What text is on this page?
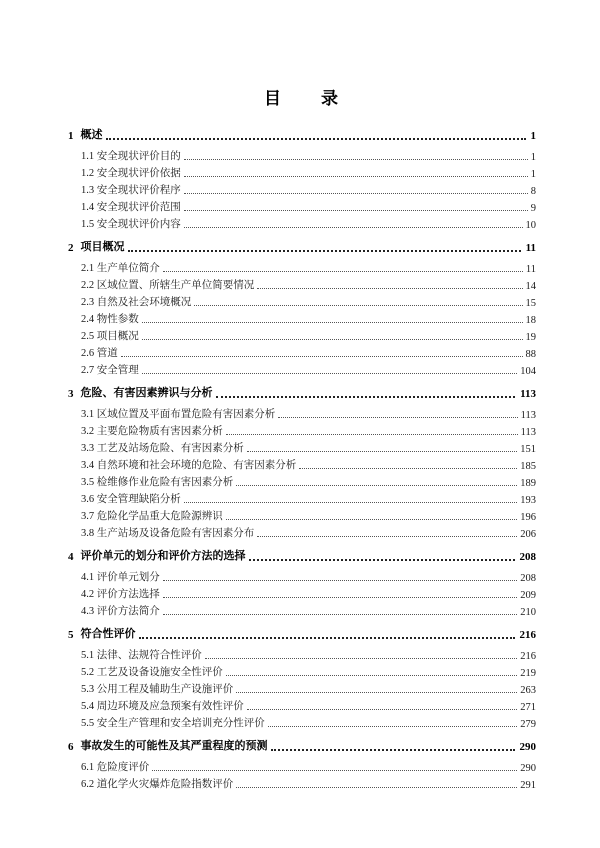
目　　录
1 概述	1
1.1 安全现状评价目的	1
1.2 安全现状评价依据	1
1.3 安全现状评价程序	8
1.4 安全现状评价范围	9
1.5 安全现状评价内容	10
2 项目概况	11
2.1 生产单位简介	11
2.2 区域位置、所辖生产单位简要情况	14
2.3 自然及社会环境概况	15
2.4 物性参数	18
2.5 项目概况	19
2.6 管道	88
2.7 安全管理	104
3 危险、有害因素辨识与分析	113
3.1 区域位置及平面布置危险有害因素分析	113
3.2 主要危险物质有害因素分析	113
3.3 工艺及站场危险、有害因素分析	151
3.4 自然环境和社会环境的危险、有害因素分析	185
3.5 检维修作业危险有害因素分析	189
3.6 安全管理缺陷分析	193
3.7 危险化学品重大危险源辨识	196
3.8 生产站场及设备危险有害因素分布	206
4 评价单元的划分和评价方法的选择	208
4.1 评价单元划分	208
4.2 评价方法选择	209
4.3 评价方法简介	210
5 符合性评价	216
5.1 法律、法规符合性评价	216
5.2 工艺及设备设施安全性评价	219
5.3 公用工程及辅助生产设施评价	263
5.4 周边环境及应急预案有效性评价	271
5.5 安全生产管理和安全培训充分性评价	279
6 事故发生的可能性及其严重程度的预测	290
6.1 危险度评价	290
6.2 道化学火灾爆炸危险指数评价	291
